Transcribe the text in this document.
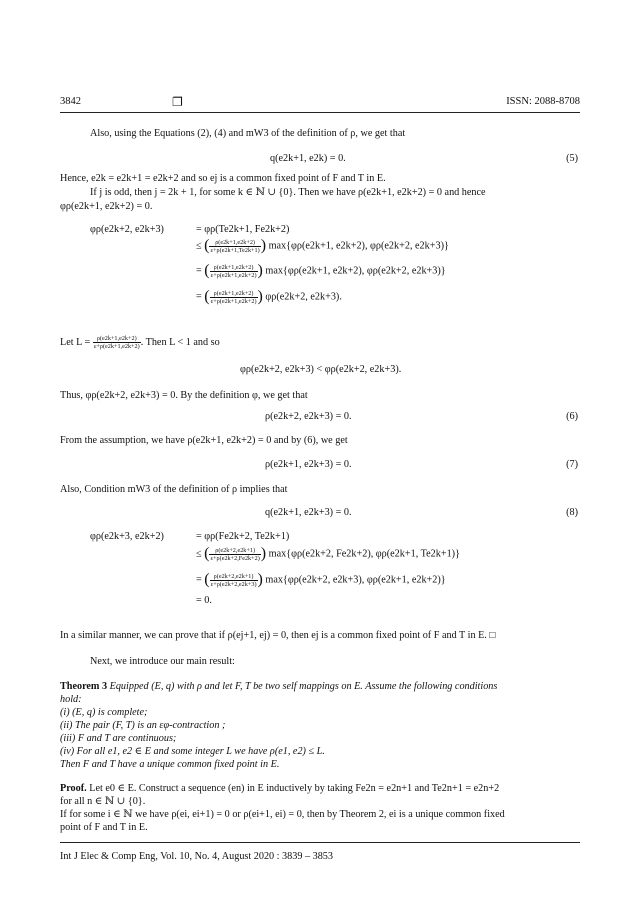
3842	❐	ISSN: 2088-8708
Also, using the Equations (2), (4) and mW3 of the definition of ρ, we get that
q(e2k+1, e2k) = 0.	(5)
Hence, e2k = e2k+1 = e2k+2 and so ej is a common fixed point of F and T in E.
If j is odd, then j = 2k + 1, for some k ∈ ℕ ∪ {0}. Then we have ρ(e2k+1, e2k+2) = 0 and hence
φρ(e2k+1, e2k+2) = 0.
φρ(e2k+2, e2k+3)	= φρ(Te2k+1, Fe2k+2)
≤ ( $\frac{\rho(e2k+1,e2k+2)}{\varepsilon+\rho(e2k+1,Te2k+1)}$ ) max{φρ(e2k+1, e2k+2), φρ(e2k+2, e2k+3)}
= ( $\frac{\rho(e2k+1,e2k+2)}{\varepsilon+\rho(e2k+1,e2k+2)}$ ) max{φρ(e2k+1, e2k+2), φρ(e2k+2, e2k+3)}
= ( $\frac{\rho(e2k+1,e2k+2)}{\varepsilon+\rho(e2k+1,e2k+2)}$ ) φρ(e2k+2, e2k+3).
Let $L = \frac{\rho(e2k+1,e2k+2)}{\varepsilon+\rho(e2k+1,e2k+2)}$ . Then L < 1 and so
φρ(e2k+2, e2k+3) < φρ(e2k+2, e2k+3).
Thus, φρ(e2k+2, e2k+3) = 0. By the definition φ, we get that
ρ(e2k+2, e2k+3) = 0.	(6)
From the assumption, we have ρ(e2k+1, e2k+2) = 0 and by (6), we get
ρ(e2k+1, e2k+3) = 0.	(7)
Also, Condition mW3 of the definition of ρ implies that
q(e2k+1, e2k+3) = 0.	(8)
φρ(e2k+3, e2k+2)	= φρ(Fe2k+2, Te2k+1)
≤ ( $\frac{\rho(e2k+2,e2k+1)}{\varepsilon+\rho(e2k+2,Fe2k+2)}$ ) max{φρ(e2k+2, Fe2k+2), φρ(e2k+1, Te2k+1)}
= ( $\frac{\rho(e2k+2,e2k+1)}{\varepsilon+\rho(e2k+2,e2k+3)}$ ) max{φρ(e2k+2, e2k+3), φρ(e2k+1, e2k+2)}
= 0.
In a similar manner, we can prove that if ρ(ej+1, ej) = 0, then ej is a common fixed point of F and T in E. □
Next, we introduce our main result:
Theorem 3 Equipped (E, q) with ρ and let F, T be two self mappings on E. Assume the following conditions
hold:
(i) (E, q) is complete;
(ii) The pair (F, T) is an εφ-contraction ;
(iii) F and T are continuous;
(iv) For all e1, e2 ∈ E and some integer L we have ρ(e1, e2) ≤ L.
Then F and T have a unique common fixed point in E.
Proof. Let e0 ∈ E. Construct a sequence (en) in E inductively by taking Fe2n = e2n+1 and Te2n+1 = e2n+2
for all n ∈ ℕ ∪ {0}.
If for some i ∈ ℕ we have ρ(ei, ei+1) = 0 or ρ(ei+1, ei) = 0, then by Theorem 2, ei is a unique common fixed
point of F and T in E.
Int J Elec & Comp Eng, Vol. 10, No. 4, August 2020 : 3839 – 3853
